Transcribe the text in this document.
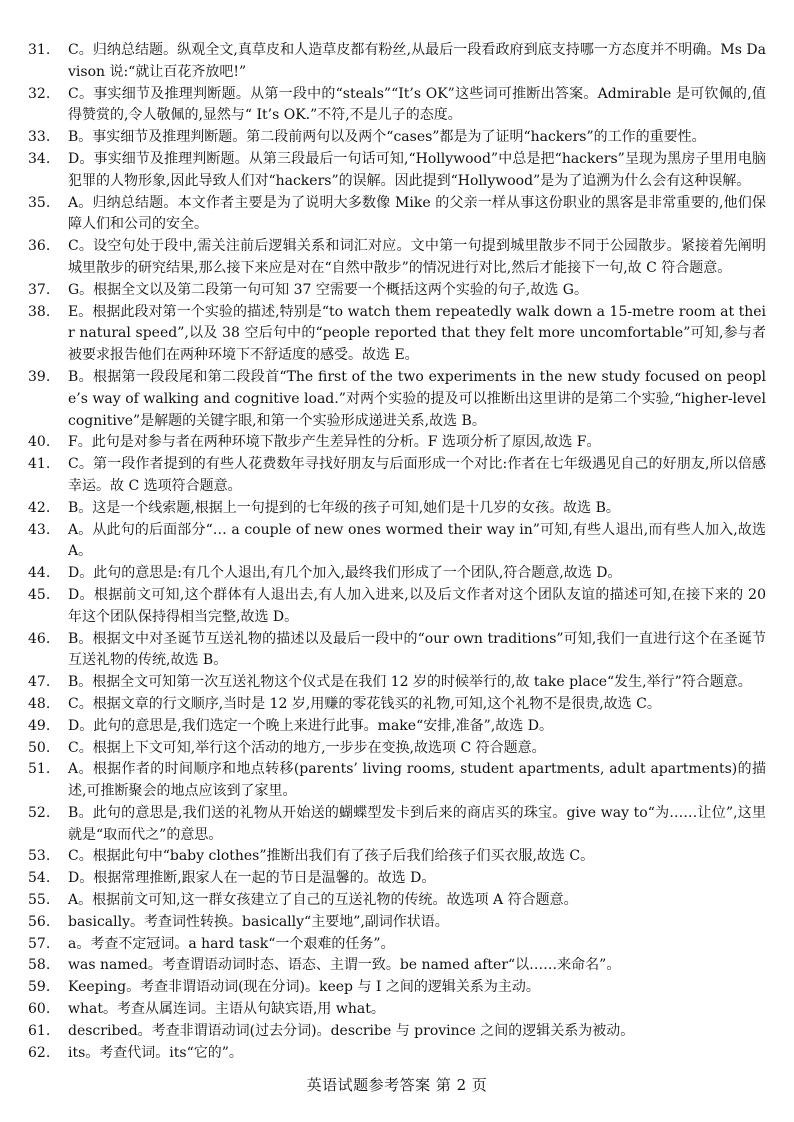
31.	C。归纳总结题。纵观全文,真草皮和人造草皮都有粉丝,从最后一段看政府到底支持哪一方态度并不明确。Ms Davison 说:“就让百花齐放吧!”
32.	C。事实细节及推理判断题。从第一段中的“steals”“It’s OK”这些词可推断出答案。Admirable 是可钦佩的,值得赞赏的,令人敬佩的,显然与“ It’s OK.”不符,不是儿子的态度。
33.	B。事实细节及推理判断题。第二段前两句以及两个“cases”都是为了证明“hackers”的工作的重要性。
34.	D。事实细节及推理判断题。从第三段最后一句话可知,“Hollywood”中总是把“hackers”呈现为黑房子里用电脑犯罪的人物形象,因此导致人们对“hackers”的误解。因此提到“Hollywood”是为了追溯为什么会有这种误解。
35.	A。归纳总结题。本文作者主要是为了说明大多数像 Mike 的父亲一样从事这份职业的黑客是非常重要的,他们保障人们和公司的安全。
36.	C。设空句处于段中,需关注前后逻辑关系和词汇对应。文中第一句提到城里散步不同于公园散步。紧接着先阐明城里散步的研究结果,那么接下来应是对在“自然中散步”的情况进行对比,然后才能接下一句,故 C 符合题意。
37.	G。根据全文以及第二段第一句可知 37 空需要一个概括这两个实验的句子,故选 G。
38.	E。根据此段对第一个实验的描述,特别是“to watch them repeatedly walk down a 15-metre room at their natural speed”,以及 38 空后句中的“people reported that they felt more uncomfortable”可知,参与者被要求报告他们在两种环境下不舒适度的感受。故选 E。
39.	B。根据第一段段尾和第二段段首“The first of the two experiments in the new study focused on people’s way of walking and cognitive load.”对两个实验的提及可以推断出这里讲的是第二个实验,“higher-level cognitive”是解题的关键字眼,和第一个实验形成递进关系,故选 B。
40.	F。此句是对参与者在两种环境下散步产生差异性的分析。F 选项分析了原因,故选 F。
41.	C。第一段作者提到的有些人花费数年寻找好朋友与后面形成一个对比:作者在七年级遇见自己的好朋友,所以倍感幸运。故 C 选项符合题意。
42.	B。这是一个线索题,根据上一句提到的七年级的孩子可知,她们是十几岁的女孩。故选 B。
43.	A。从此句的后面部分“… a couple of new ones wormed their way in”可知,有些人退出,而有些人加入,故选 A。
44.	D。此句的意思是:有几个人退出,有几个加入,最终我们形成了一个团队,符合题意,故选 D。
45.	D。根据前文可知,这个群体有人退出去,有人加入进来,以及后文作者对这个团队友谊的描述可知,在接下来的 20 年这个团队保持得相当完整,故选 D。
46.	B。根据文中对圣诞节互送礼物的描述以及最后一段中的“our own traditions”可知,我们一直进行这个在圣诞节互送礼物的传统,故选 B。
47.	B。根据全文可知第一次互送礼物这个仪式是在我们 12 岁的时候举行的,故 take place“发生,举行”符合题意。
48.	C。根据文章的行文顺序,当时是 12 岁,用赚的零花钱买的礼物,可知,这个礼物不是很贵,故选 C。
49.	D。此句的意思是,我们选定一个晚上来进行此事。make“安排,准备”,故选 D。
50.	C。根据上下文可知,举行这个活动的地方,一步步在变换,故选项 C 符合题意。
51.	A。根据作者的时间顺序和地点转移(parents’ living rooms, student apartments, adult apartments)的描述,可推断聚会的地点应该到了家里。
52.	B。此句的意思是,我们送的礼物从开始送的蝴蝶型发卡到后来的商店买的珠宝。give way to“为……让位”,这里就是“取而代之”的意思。
53.	C。根据此句中“baby clothes”推断出我们有了孩子后我们给孩子们买衣服,故选 C。
54.	D。根据常理推断,跟家人在一起的节日是温馨的。故选 D。
55.	A。根据前文可知,这一群女孩建立了自己的互送礼物的传统。故选项 A 符合题意。
56.	basically。考查词性转换。basically“主要地”,副词作状语。
57.	a。考查不定冠词。a hard task“一个艰难的任务”。
58.	was named。考查谓语动词时态、语态、主谓一致。be named after“以……来命名”。
59.	Keeping。考查非谓语动词(现在分词)。keep 与 I 之间的逻辑关系为主动。
60.	what。考查从属连词。主语从句缺宾语,用 what。
61.	described。考查非谓语动词(过去分词)。describe 与 province 之间的逻辑关系为被动。
62.	its。考查代词。its“它的”。
英语试题参考答案 第 2 页
